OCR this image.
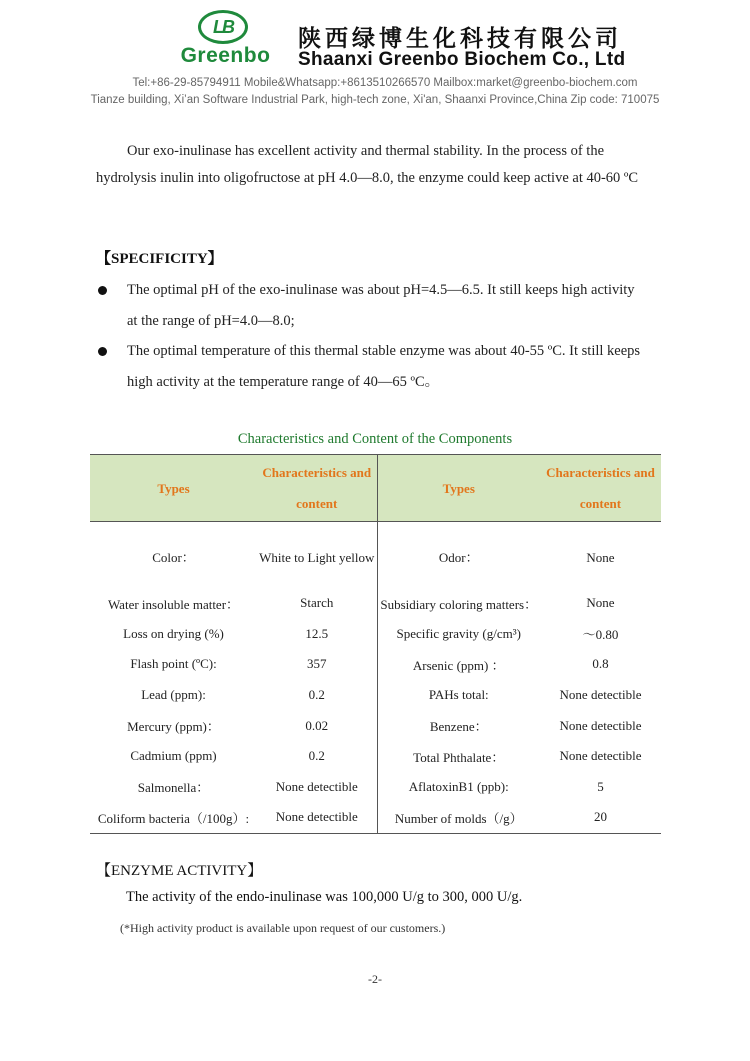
LB
Greenbo
陕西绿博生化科技有限公司
Shaanxi Greenbo Biochem Co., Ltd
Tel:+86-29-85794911 Mobile&Whatsapp:+8613510266570 Mailbox:market@greenbo-biochem.com
Tianze building, Xi’an Software Industrial Park, high-tech zone, Xi'an, Shaanxi Province,China Zip code: 710075
Our exo-inulinase has excellent activity and thermal stability. In the process of the hydrolysis inulin into oligofructose at pH 4.0—8.0, the enzyme could keep active at 40-60 ºC
【SPECIFICITY】
The optimal pH of the exo-inulinase was about pH=4.5—6.5. It still keeps high activity at the range of pH=4.0—8.0;
The optimal temperature of this thermal stable enzyme was about 40-55 ºC. It still keeps high activity at the temperature range of 40—65 ºC。
Characteristics and Content of the Components
Types	Characteristics and content	Types	Characteristics and content
Color：	White to Light yellow	Odor：	None
Water insoluble matter：	Starch	Subsidiary coloring matters：	None
Loss on drying (%)	12.5	Specific gravity (g/cm³)	～0.80
Flash point (ºC):	357	Arsenic (ppm) ：	0.8
Lead (ppm):	0.2	PAHs total:	None detectible
Mercury (ppm)：	0.02	Benzene：	None detectible
Cadmium (ppm)	0.2	Total Phthalate：	None detectible
Salmonella：	None detectible	AflatoxinB1 (ppb):	5
Coliform bacteria（/100g）:	None detectible	Number of molds（/g）	20
【ENZYME ACTIVITY】
The activity of the endo-inulinase was 100,000 U/g to 300, 000 U/g.
(*High activity product is available upon request of our customers.)
-2-
